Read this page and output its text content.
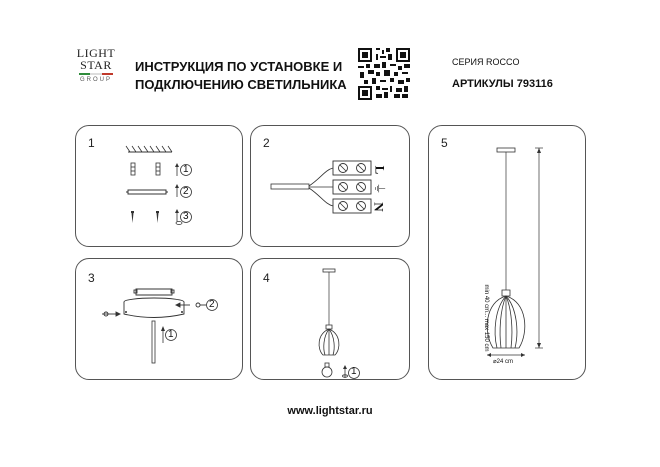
LIGHT
STAR
GROUP
ИНСТРУКЦИЯ ПО УСТАНОВКЕ И
ПОДКЛЮЧЕНИЮ СВЕТИЛЬНИКА
СЕРИЯ ROCCO
АРТИКУЛЫ 793116
1
1
2
3
2
L
⏚
N
3
1
2
4
1
5
min 40 cm... max 150 cm
⌀24 cm
www.lightstar.ru
